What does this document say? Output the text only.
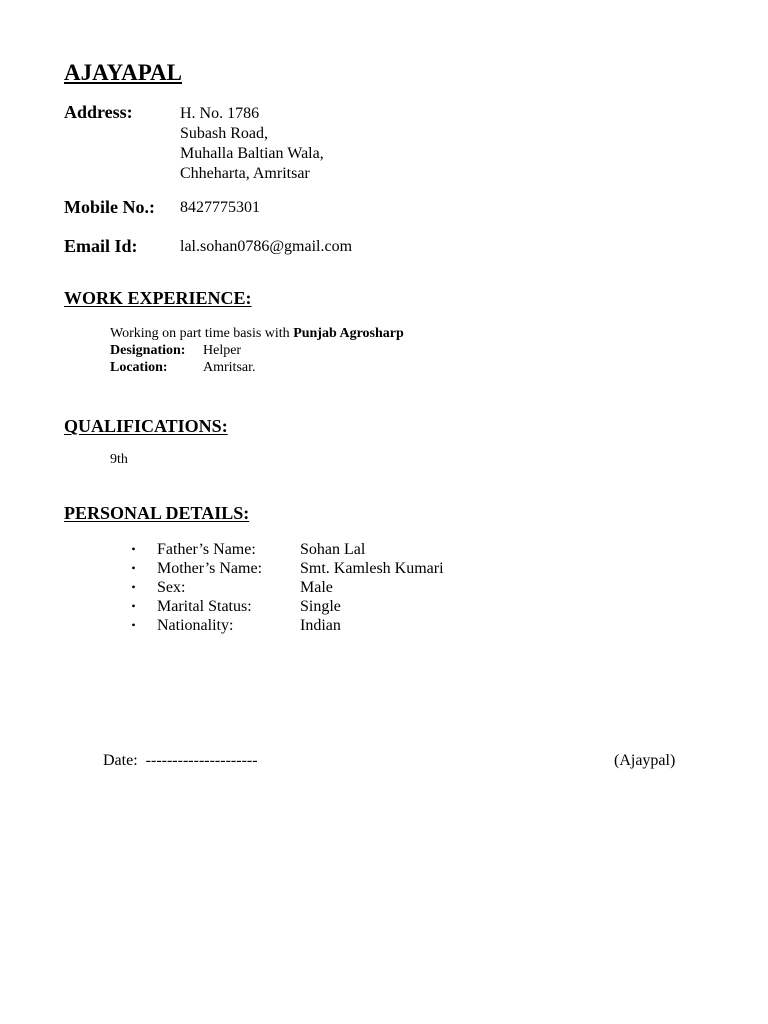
AJAYAPAL
Address:	H. No. 1786
Subash Road,
Muhalla Baltian Wala,
Chheharta, Amritsar
Mobile No.: 8427775301
Email Id:	lal.sohan0786@gmail.com
WORK EXPERIENCE:
Working on part time basis with Punjab Agrosharp
Designation:	Helper
Location:	Amritsar.
QUALIFICATIONS:
9th
PERSONAL DETAILS:
•	Father’s Name:	Sohan Lal
•	Mother’s Name:	Smt. Kamlesh Kumari
•	Sex:	Male
•	Marital Status:	Single
•	Nationality:	Indian
Date: ---------------------	(Ajaypal)
